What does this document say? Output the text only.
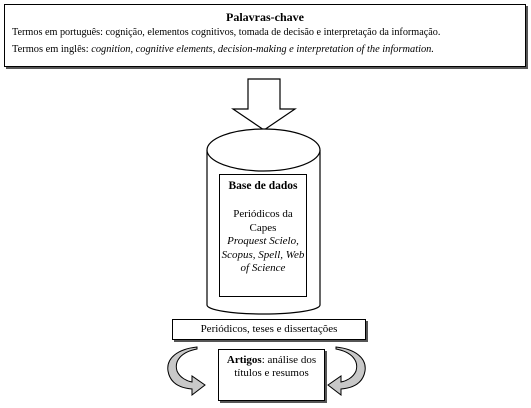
Palavras-chave
Termos em português: cognição, elementos cognitivos, tomada de decisão e interpretação da informação.
Termos em inglês: cognition, cognitive elements, decision-making e interpretation of the information.
Base de dados
Periódicos da Capes
Proquest Scielo, Scopus, Spell, Web of Science
Periódicos, teses e dissertações
Artigos: análise dos títulos e resumos
